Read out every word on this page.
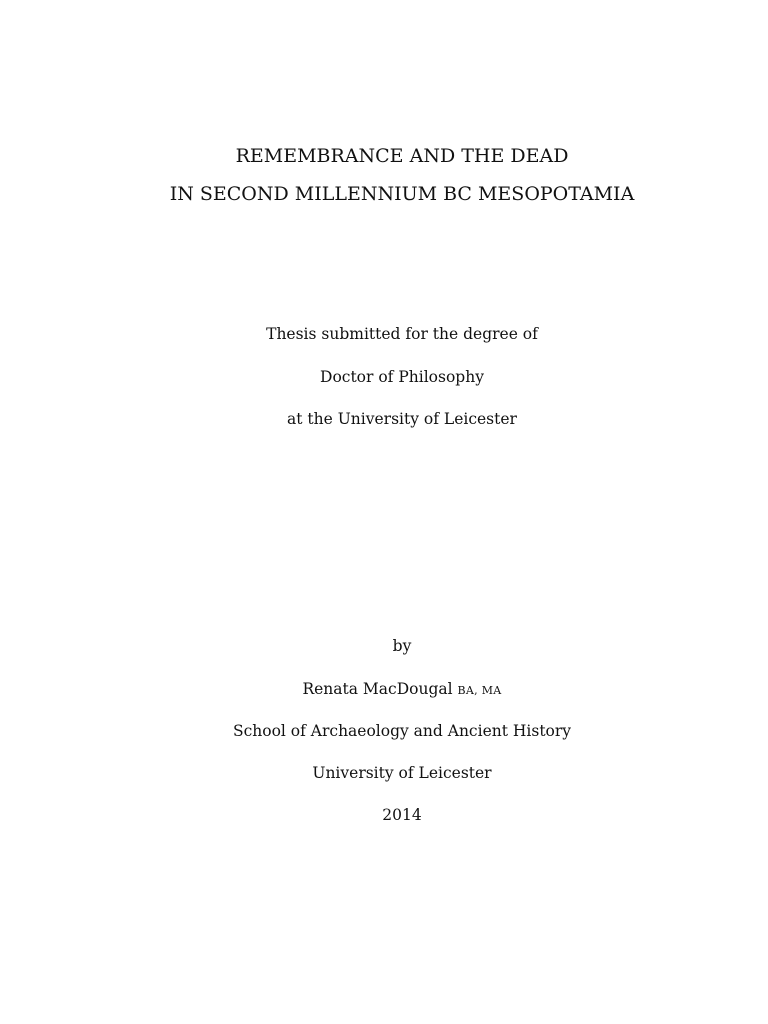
REMEMBRANCE AND THE DEAD
IN SECOND MILLENNIUM BC MESOPOTAMIA
Thesis submitted for the degree of
Doctor of Philosophy
at the University of Leicester
by
Renata MacDougal BA, MA
School of Archaeology and Ancient History
University of Leicester
2014
